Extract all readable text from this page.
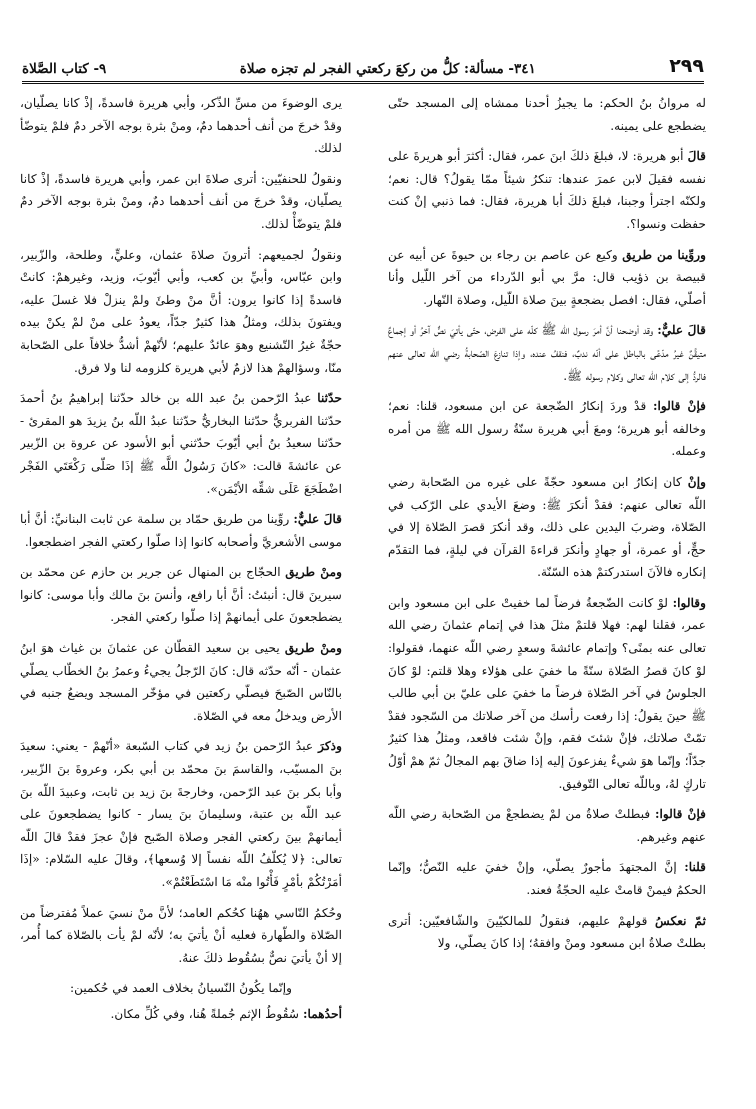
٢٩٩
٣٤١- مسألة: كلُّ من ركعَ ركعتي الفجر لم تجزه صلاة
٩- كتاب الصَّلاة

له مروانُ بنُ الحكم: ما يجيزُ أحدنا ممشاه إلى المسجد حتّى يضطجع على يمينه.

قالَ أبو هريرة: لا، فبلغَ ذلكَ ابنَ عمر، فقال: أكثرَ أبو هريرةَ على نفسه فقيلَ لابن عمرَ عندها: تنكرُ شيئاً ممّا يقولُ؟ قال: نعم؛ ولكنّه اجترأ وجبنا، فبلغَ ذلكَ أبا هريرة، فقال: فما ذنبي إنْ كنت حفظت ونسوا؟.

وروِّينا من طريق وكيع عن عاصم بن رجاء بن حيوةَ عن أبيه عن قبيصة بن ذؤيب قال: مرَّ بي أبو الدّرداء من آخر اللّيل وأنا أصلّي، فقال: افصل بضجعةٍ بينَ صلاة اللّيل، وصلاة النّهار.

قالَ عليٌّ: وقد أوضحنا أنَّ أمرَ رسول الله ﷺ كلّه على الفرض، حتّى يأتيَ نصٌّ آخرُ أو إجماعٌ متيقَّنٌ غيرُ مدّعًى بالباطل على أنّه ندبٌ، فنقفُ عنده، وإذا تنازعَ الصّحابةُ رضي اللّه تعالى عنهم فالردُّ إلى كلام الله تعالى وكلام رسوله ﷺ.

فإنْ قالوا: قدْ وردَ إنكارُ الضّجعة عن ابن مسعود، قلنا: نعم؛ وخالفه أبو هريرة؛ ومعَ أبي هريرة سنّةُ رسول الله ﷺ من أمره وعمله.

وإنْ كان إنكارُ ابن مسعود حجّةً على غيره من الصّحابة رضي اللّه تعالى عنهم: فقدْ أنكرَ ﷺ: وضعَ الأيدي على الرّكب في الصّلاة، وضربَ اليدين على ذلك، وقد أنكرَ قصرَ الصّلاة إلا في حجٍّ، أو عمرة، أو جهادٍ وأنكرَ قراءةَ القرآن في ليلةٍ، فما التقدّم إنكاره فالآنَ استدركتمْ هذه السّنّة.

وقالوا: لوْ كانت الضّجعةُ فرضاً لما خفيتْ على ابن مسعود وابن عمر، فقلنا لهم: فهلا قلتمْ مثلَ هذا في إتمام عثمانَ رضي الله تعالى عنه بمنًى؟ وإتمام عائشةَ وسعدٍ رضي اللّه عنهما، فقولوا: لوْ كانَ قصرُ الصّلاة سنّةً ما خفيَ على هؤلاء وهلا قلتم: لوْ كانَ الجلوسُ في آخر الصّلاة فرضاً ما خفيَ على عليّ بن أبي طالب ﷺ حينَ يقولُ: إذا رفعت رأسك من آخر صلاتك من السّجود فقدْ تمّتْ صلاتك، فإنْ شئتَ فقم، وإنْ شئت فاقعد، ومثلُ هذا كثيرٌ جدّاً؛ وإنّما هوَ شيءٌ يفزعونَ إليه إذا ضاقَ بهم المجالُ ثمّ همْ أوّلُ تاركٍ لهُ، وباللّه تعالى التّوفيق.

فإنْ قالوا: فبطلتْ صلاةُ من لمْ يضطجعْ من الصّحابة رضي اللّه عنهم وغيرهم.

قلنا: إنَّ المجتهدَ مأجورٌ يصلّي، وإنْ خفيَ عليه النّصُّ؛ وإنّما الحكمُ فيمنْ قامتْ عليه الحجّةُ فعند.

ثمّ نعكسُ قولهمْ عليهم، فنقولُ للمالكيّينَ والشّافعيّين: أترى بطلتْ صلاةُ ابن مسعود ومنْ وافقهُ؛ إذا كانَ يصلّي، ولا

يرى الوضوءَ من مسِّ الذّكر، وأبي هريرة فاسدةً، إذْ كانا يصلّيان، وقدْ خرجَ من أنف أحدهما دمٌ، ومنْ بثرة بوجه الآخر دمٌ فلمْ يتوضّأ لذلك.

ونقولُ للحنفيّين: أترى صلاةَ ابن عمر، وأبي هريرة فاسدةً، إذْ كانا يصلّيان، وقدْ خرجَ من أنف أحدهما دمٌ، ومنْ بثرة بوجه الآخر دمٌ فلمْ يتوضّأْ لذلك.

ونقولُ لجميعهم: أترونَ صلاةَ عثمان، وعليٍّ، وطلحة، والزّبير، وابن عبّاس، وأبيِّ بن كعب، وأبي أيّوبَ، وزيد، وغيرهمْ: كانتْ فاسدةً إذا كانوا يرون: أنَّ منْ وطئَ ولمْ ينزلْ فلا غسلَ عليه، ويفتونَ بذلك، ومثلُ هذا كثيرٌ جدّاً، يعودُ على منْ لمْ يكنْ بيده حجّةٌ غيرُ التّشنيع وهوَ عائدٌ عليهم؛ لأنّهمْ أشدُّ خلافاً على الصّحابة منّا، وسؤالهمْ هذا لازمٌ لأبي هريرة كلزومه لنا ولا فرق.

حدّثنا عبدُ الرّحمن بنُ عبد الله بن خالد حدّثنا إبراهيمُ بنُ أحمدَ حدّثنا الفربريُّ حدّثنا البخاريُّ حدّثنا عبدُ اللّه بنُ يزيدَ هو المقرئ - حدّثنا سعيدُ بنُ أبي أيّوبَ حدّثني أبو الأسود عن عروة بن الزّبير عن عائشةَ قالت: «كانَ رَسُولُ اللَّه ﷺ إذَا صَلّى رَكْعَتَي الفَجْر اضْطَجَعَ عَلَى شقِّه الأيْمَن».

قالَ عليٌّ: روِّينا من طريق حمّاد بن سلمة عن ثابت البنانيِّ: أنَّ أبا موسى الأشعريَّ وأصحابه كانوا إذا صلّوا ركعتي الفجر اضطجعوا.

ومنْ طريق الحجّاج بن المنهال عن جرير بن حازم عن محمّد بن سيرينَ قال: أنبئتُ: أنَّ أبا رافع، وأنسَ بنَ مالك وأبا موسى: كانوا يضطجعونَ على أيمانهمْ إذا صلّوا ركعتي الفجر.

ومنْ طريق يحيى بن سعيد القطّان عن عثمانَ بن غياث هوَ ابنُ عثمان - أنّه حدّثه قال: كانَ الرّجلُ يجيءُ وعمرُ بنُ الخطّاب يصلّي بالنّاس الصّبحَ فيصلّي ركعتين في مؤخّر المسجد ويضعُ جنبه في الأرض ويدخلُ معه في الصّلاة.

وذكرَ عبدُ الرّحمن بنُ زيد في كتاب السّبعة «أنّهمْ - يعني: سعيدَ بنَ المسيّب، والقاسمَ بنَ محمّد بن أبي بكر، وعروةَ بنَ الزّبير، وأبا بكر بنَ عبد الرّحمن، وخارجةَ بنَ زيد بن ثابت، وعبيدَ اللّه بنَ عبد اللّه بن عتبة، وسليمانَ بنَ يسار - كانوا يضطجعونَ على أيمانهمْ بينَ ركعتي الفجر وصلاة الصّبح فإنْ عجزَ فقدْ قالَ اللّه تعالى: ﴿لا يُكلّفُ اللّه نفساً إلا وُسعها﴾، وقالَ عليه السّلام: «إذَا أمَرْتُكُمْ بأمْرٍ فَأْتُوا منْه مَا اسْتَطَعْتُمْ».

وحُكمُ النّاسي ههُنا كحُكم العامد؛ لأنَّ منْ نسيَ عملاً مُفترضاً من الصّلاة والطّهارة فعليه أنْ يأتيَ به؛ لأنّه لمْ يأت بالصّلاة كما أُمر، إلا أنْ يأتيَ نصٌّ بسُقُوط ذلكَ عنهُ.

وإنّما يكُونُ النّسيانُ بخلاف العمد في حُكمين:

أحدُهما: سُقُوطُ الإثم جُملةً هُنا، وفي كُلِّ مكان.
